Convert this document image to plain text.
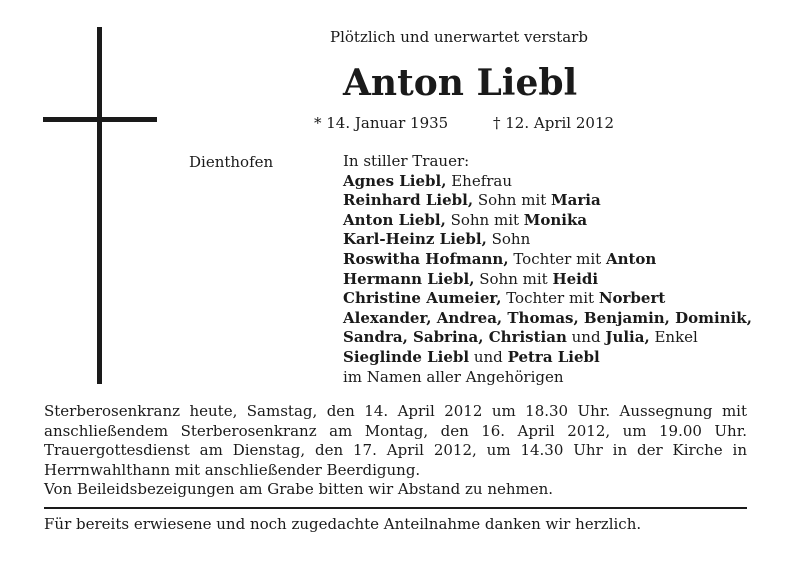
Plötzlich und unerwartet verstarb
Anton Liebl
* 14. Januar 1935	† 12. April 2012
Dienthofen	In stiller Trauer:
Agnes Liebl, Ehefrau
Reinhard Liebl, Sohn mit Maria
Anton Liebl, Sohn mit Monika
Karl-Heinz Liebl, Sohn
Roswitha Hofmann, Tochter mit Anton
Hermann Liebl, Sohn mit Heidi
Christine Aumeier, Tochter mit Norbert
Alexander, Andrea, Thomas, Benjamin, Dominik,
Sandra, Sabrina, Christian und Julia, Enkel
Sieglinde Liebl und Petra Liebl
im Namen aller Angehörigen
Sterberosenkranz heute, Samstag, den 14. April 2012 um 18.30 Uhr. Aussegnung mit
anschließendem Sterberosenkranz am Montag, den 16. April 2012, um 19.00 Uhr.
Trauergottesdienst am Dienstag, den 17. April 2012, um 14.30 Uhr in der Kirche in
Herrnwahlthann mit anschließender Beerdigung.
Von Beileidsbezeigungen am Grabe bitten wir Abstand zu nehmen.
Für bereits erwiesene und noch zugedachte Anteilnahme danken wir herzlich.
